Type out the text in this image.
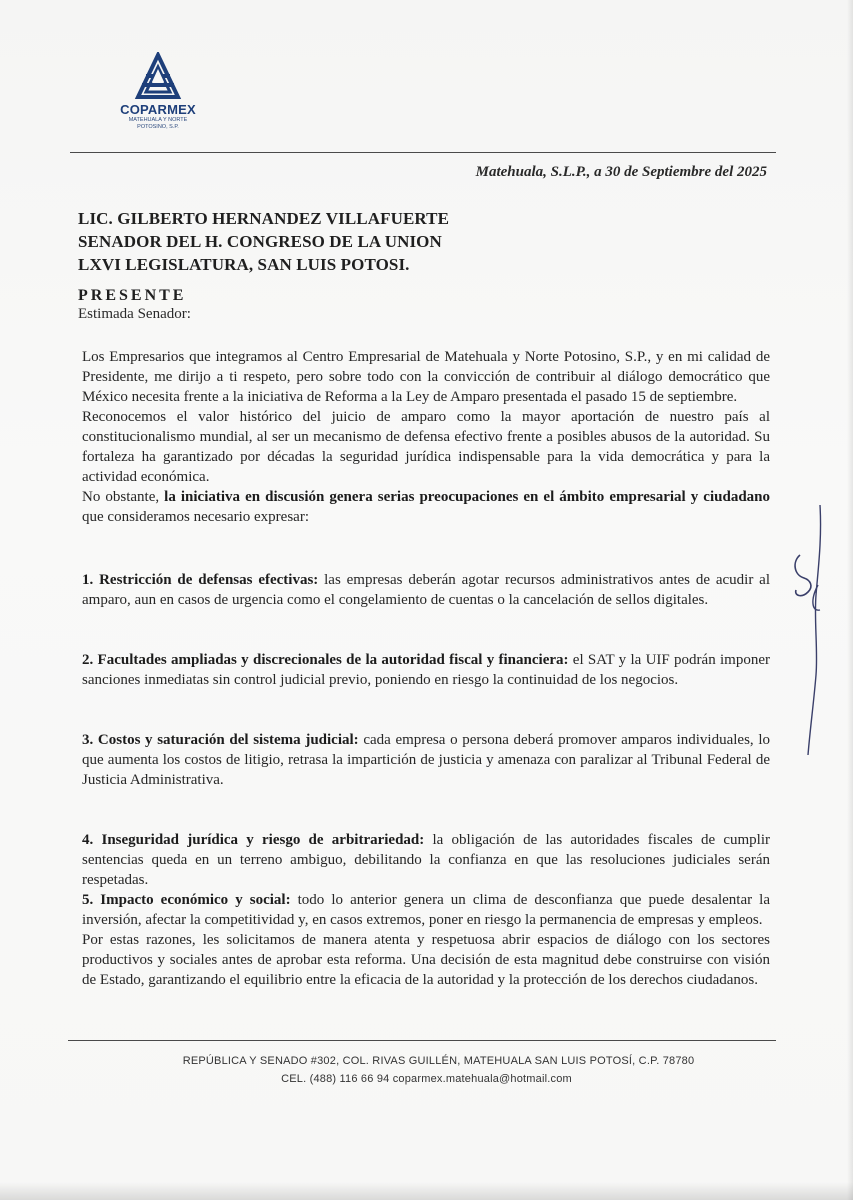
COPARMEX
MATEHUALA Y NORTE
POTOSINO, S.P.
Matehuala, S.L.P., a 30 de Septiembre del 2025
LIC. GILBERTO HERNANDEZ VILLAFUERTE
SENADOR DEL H. CONGRESO DE LA UNION
LXVI LEGISLATURA, SAN LUIS POTOSI.
PRESENTE
Estimada Senador:

Los Empresarios que integramos al Centro Empresarial de Matehuala y Norte Potosino, S.P., y en mi calidad de Presidente, me dirijo a ti respeto, pero sobre todo con la convicción de contribuir al diálogo democrático que México necesita frente a la iniciativa de Reforma a la Ley de Amparo presentada el pasado 15 de septiembre.

Reconocemos el valor histórico del juicio de amparo como la mayor aportación de nuestro país al constitucionalismo mundial, al ser un mecanismo de defensa efectivo frente a posibles abusos de la autoridad. Su fortaleza ha garantizado por décadas la seguridad jurídica indispensable para la vida democrática y para la actividad económica.

No obstante, la iniciativa en discusión genera serias preocupaciones en el ámbito empresarial y ciudadano que consideramos necesario expresar:

1. Restricción de defensas efectivas: las empresas deberán agotar recursos administrativos antes de acudir al amparo, aun en casos de urgencia como el congelamiento de cuentas o la cancelación de sellos digitales.

2. Facultades ampliadas y discrecionales de la autoridad fiscal y financiera: el SAT y la UIF podrán imponer sanciones inmediatas sin control judicial previo, poniendo en riesgo la continuidad de los negocios.

3. Costos y saturación del sistema judicial: cada empresa o persona deberá promover amparos individuales, lo que aumenta los costos de litigio, retrasa la impartición de justicia y amenaza con paralizar al Tribunal Federal de Justicia Administrativa.

4. Inseguridad jurídica y riesgo de arbitrariedad: la obligación de las autoridades fiscales de cumplir sentencias queda en un terreno ambiguo, debilitando la confianza en que las resoluciones judiciales serán respetadas.

5. Impacto económico y social: todo lo anterior genera un clima de desconfianza que puede desalentar la inversión, afectar la competitividad y, en casos extremos, poner en riesgo la permanencia de empresas y empleos.

Por estas razones, les solicitamos de manera atenta y respetuosa abrir espacios de diálogo con los sectores productivos y sociales antes de aprobar esta reforma. Una decisión de esta magnitud debe construirse con visión de Estado, garantizando el equilibrio entre la eficacia de la autoridad y la protección de los derechos ciudadanos.

REPÚBLICA Y SENADO #302, COL. RIVAS GUILLÉN, MATEHUALA SAN LUIS POTOSÍ, C.P. 78780
CEL. (488) 116 66 94 coparmex.matehuala@hotmail.com
